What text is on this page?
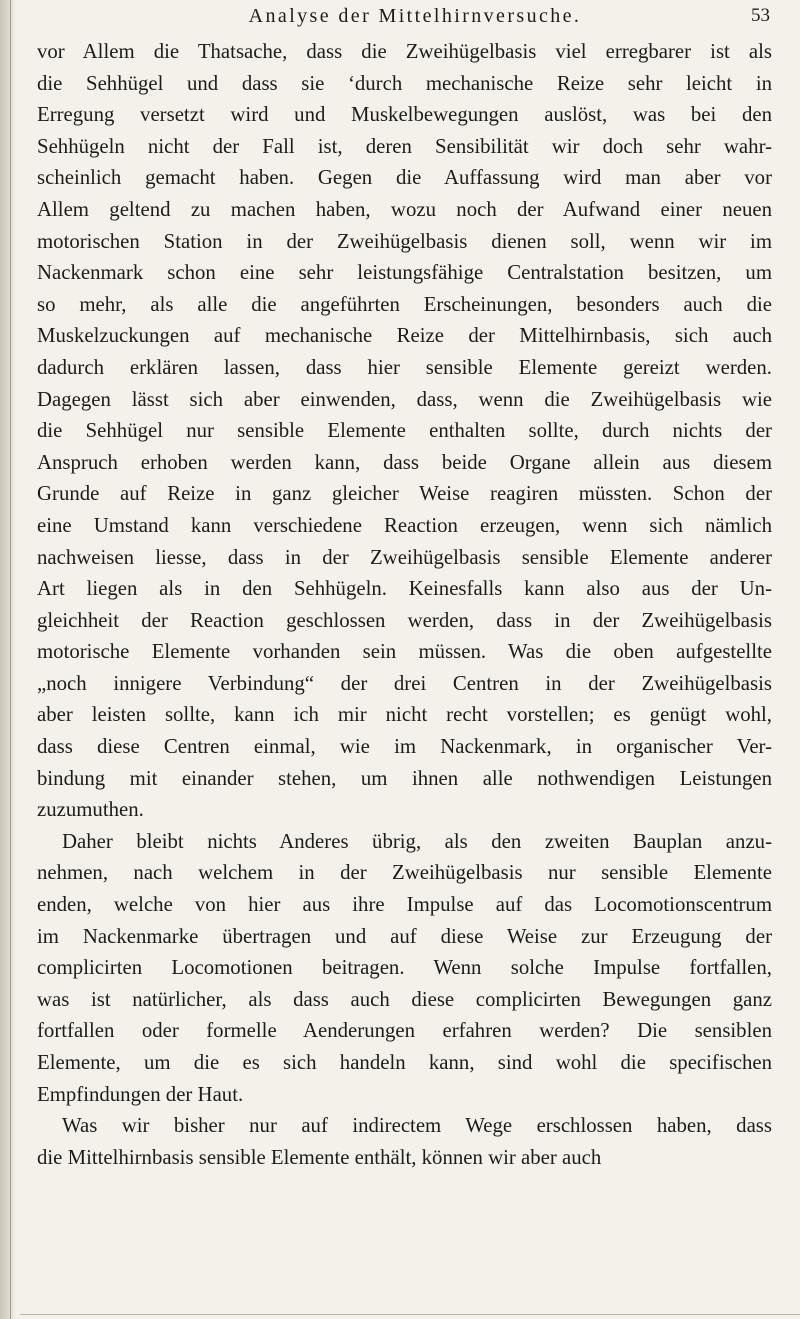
Analyse der Mittelhirnversuche.	53
vor Allem die Thatsache, dass die Zweihügelbasis viel erregbarer ist als
die Sehhügel und dass sie ‘durch mechanische Reize sehr leicht in
Erregung versetzt wird und Muskelbewegungen auslöst, was bei den
Sehhügeln nicht der Fall ist, deren Sensibilität wir doch sehr wahr-
scheinlich gemacht haben. Gegen die Auffassung wird man aber vor
Allem geltend zu machen haben, wozu noch der Aufwand einer neuen
motorischen Station in der Zweihügelbasis dienen soll, wenn wir im
Nackenmark schon eine sehr leistungsfähige Centralstation besitzen, um
so mehr, als alle die angeführten Erscheinungen, besonders auch die
Muskelzuckungen auf mechanische Reize der Mittelhirnbasis, sich auch
dadurch erklären lassen, dass hier sensible Elemente gereizt werden.
Dagegen lässt sich aber einwenden, dass, wenn die Zweihügelbasis wie
die Sehhügel nur sensible Elemente enthalten sollte, durch nichts der
Anspruch erhoben werden kann, dass beide Organe allein aus diesem
Grunde auf Reize in ganz gleicher Weise reagiren müssten. Schon der
eine Umstand kann verschiedene Reaction erzeugen, wenn sich nämlich
nachweisen liesse, dass in der Zweihügelbasis sensible Elemente anderer
Art liegen als in den Sehhügeln. Keinesfalls kann also aus der Un-
gleichheit der Reaction geschlossen werden, dass in der Zweihügelbasis
motorische Elemente vorhanden sein müssen. Was die oben aufgestellte
„noch innigere Verbindung“ der drei Centren in der Zweihügelbasis
aber leisten sollte, kann ich mir nicht recht vorstellen; es genügt wohl,
dass diese Centren einmal, wie im Nackenmark, in organischer Ver-
bindung mit einander stehen, um ihnen alle nothwendigen Leistungen
zuzumuthen.
Daher bleibt nichts Anderes übrig, als den zweiten Bauplan anzu-
nehmen, nach welchem in der Zweihügelbasis nur sensible Elemente
enden, welche von hier aus ihre Impulse auf das Locomotionscentrum
im Nackenmarke übertragen und auf diese Weise zur Erzeugung der
complicirten Locomotionen beitragen. Wenn solche Impulse fortfallen,
was ist natürlicher, als dass auch diese complicirten Bewegungen ganz
fortfallen oder formelle Aenderungen erfahren werden? Die sensiblen
Elemente, um die es sich handeln kann, sind wohl die specifischen
Empfindungen der Haut.
Was wir bisher nur auf indirectem Wege erschlossen haben, dass
die Mittelhirnbasis sensible Elemente enthält, können wir aber auch
